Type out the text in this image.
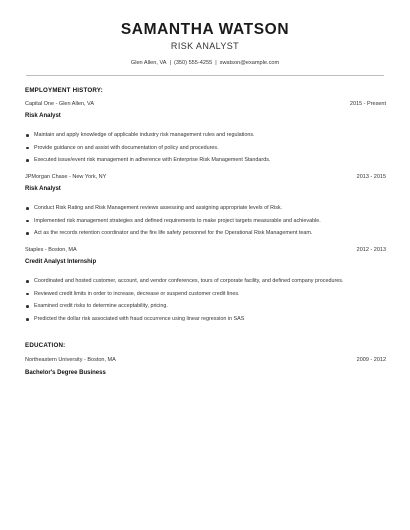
SAMANTHA WATSON
RISK ANALYST
Glen Allen, VA | (350) 555-4255 | swatson@example.com
EMPLOYMENT HISTORY:
Capital One - Glen Allen, VA	2015 - Present
Risk Analyst
Maintain and apply knowledge of applicable industry risk management rules and regulations.
Provide guidance on and assist with documentation of policy and procedures.
Executed issue/event risk management in adherence with Enterprise Risk Management Standards.
JPMorgan Chase - New York, NY	2013 - 2015
Risk Analyst
Conduct Risk Rating and Risk Management reviews assessing and assigning appropriate levels of Risk.
Implemented risk management strategies and defined requirements to make project targets measurable and achievable.
Act as the records retention coordinator and the fire life safety personnel for the Operational Risk Management team.
Staples - Boston, MA	2012 - 2013
Credit Analyst Internship
Coordinated and hosted customer, account, and vendor conferences, tours of corporate facility, and defined company procedures.
Reviewed credit limits in order to increase, decrease or suspend customer credit lines.
Examined credit risks to determine acceptability, pricing.
Predicted the dollar risk associated with fraud occurrence using linear regression in SAS
EDUCATION:
Northeastern University - Boston, MA	2009 - 2012
Bachelor's Degree Business
